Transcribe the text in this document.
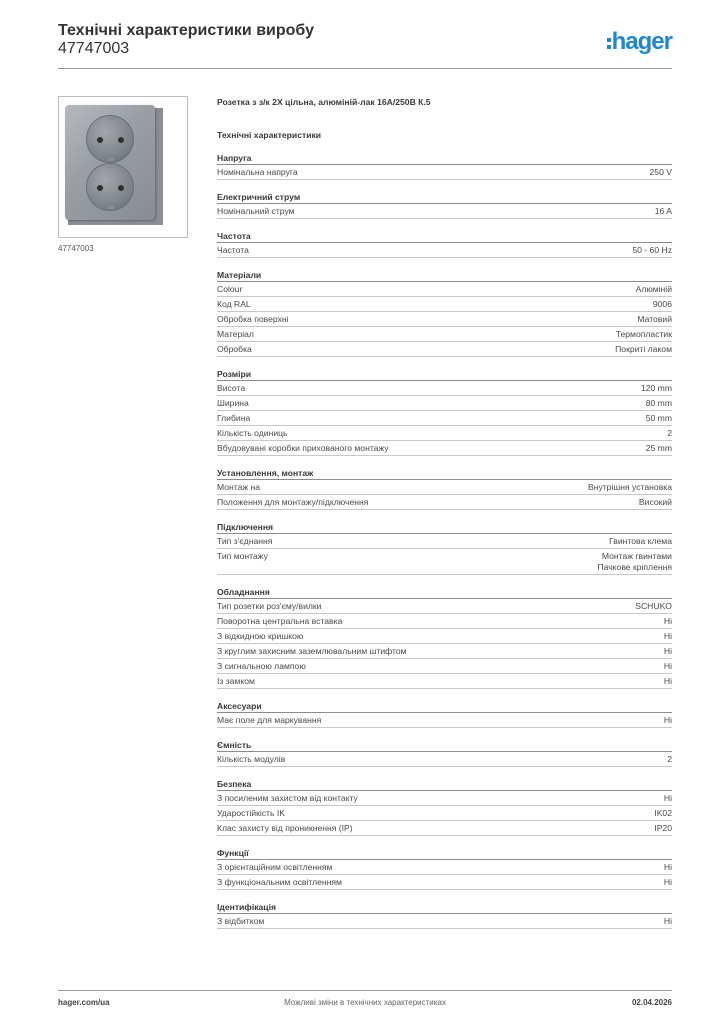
Технічні характеристики виробу
47747003	hager
47747003
Розетка з з/к 2X цільна, алюміній-лак 16A/250В К.5
Технічні характеристики
Напруга
Номінальна напруга	250 V
Електричний струм
Номінальний струм	16 A
Частота
Частота	50 - 60 Hz
Матеріали
Colour	Алюміній
Код RAL	9006
Обробка поверхні	Матовий
Матеріал	Термопластик
Обробка	Покриті лаком
Розміри
Висота	120 mm
Ширина	80 mm
Глибина	50 mm
Кількість одиниць	2
Вбудовувані коробки прихованого монтажу	25 mm
Установлення, монтаж
Монтаж на	Внутрішня установка
Положення для монтажу/підключення	Високий
Підключення
Тип з'єднання	Гвинтова клема
Тип монтажу	Монтаж гвинтами
Пачкове кріплення
Обладнання
Тип розетки роз'єму/вилки	SCHUKO
Поворотна центральна вставка	Ні
З відкидною кришкою	Ні
З круглим захисним заземлювальним штифтом	Ні
З сигнальною лампою	Ні
Із замком	Ні
Аксесуари
Має поле для маркування	Ні
Ємність
Кількість модулів	2
Безпека
З посиленим захистом від контакту	Ні
Ударостійкість IK	IK02
Клас захисту від проникнення (IP)	IP20
Функції
З орієнтаційним освітленням	Ні
З функціональним освітленням	Ні
Ідентифікація
З відбитком	Ні
hager.com/ua	Можливі зміни в технічних характеристиках	02.04.2026
